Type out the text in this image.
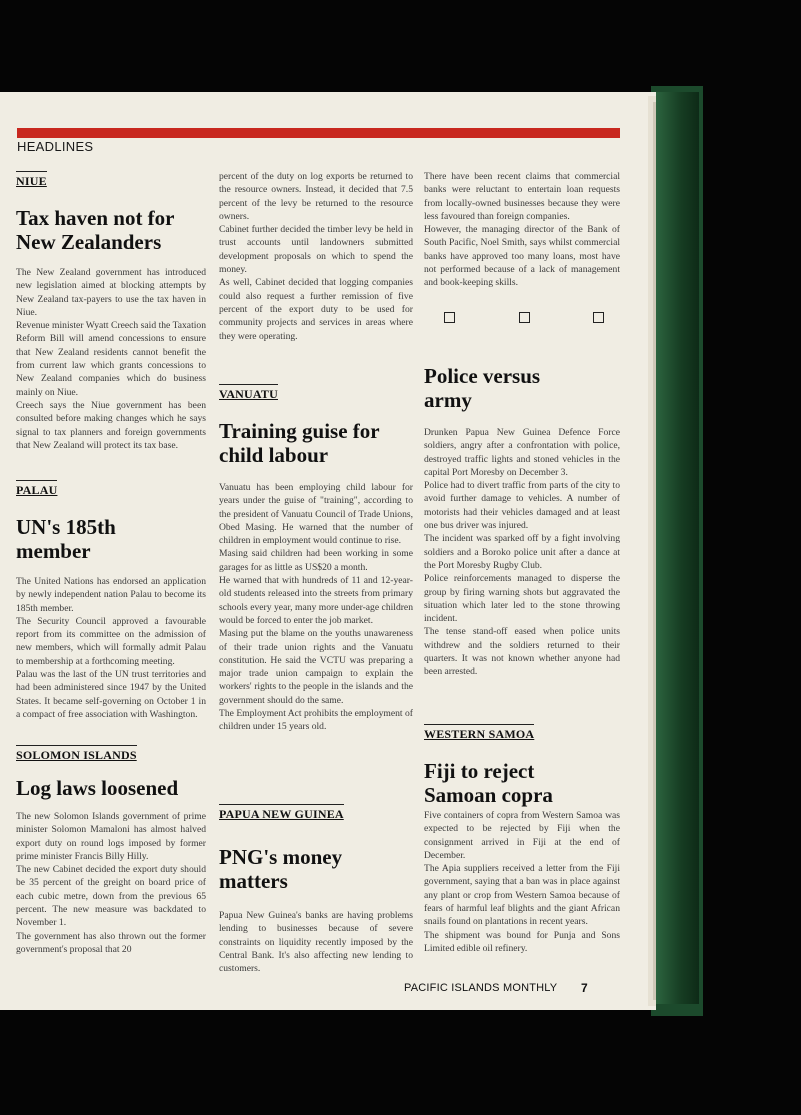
HEADLINES
NIUE
Tax haven not for New Zealanders

The New Zealand government has introduced new legislation aimed at blocking attempts by New Zealand tax-payers to use the tax haven in Niue.
Revenue minister Wyatt Creech said the Taxation Reform Bill will amend concessions to ensure that New Zealand residents cannot benefit the from current law which grants concessions to New Zealand companies which do business mainly on Niue.
Creech says the Niue government has been consulted before making changes which he says signal to tax planners and foreign governments that New Zealand will protect its tax base.

PALAU
UN's 185th member

The United Nations has endorsed an application by newly independent nation Palau to become its 185th member.
The Security Council approved a favourable report from its committee on the admission of new members, which will formally admit Palau to membership at a forthcoming meeting.
Palau was the last of the UN trust territories and had been administered since 1947 by the United States. It became self-governing on October 1 in a compact of free association with Washington.

SOLOMON ISLANDS
Log laws loosened

The new Solomon Islands government of prime minister Solomon Mamaloni has almost halved export duty on round logs imposed by former prime minister Francis Billy Hilly.
The new Cabinet decided the export duty should be 35 percent of the greight on board price of each cubic metre, down from the previous 65 percent. The new measure was backdated to November 1.
The government has also thrown out the former government's proposal that 20

percent of the duty on log exports be returned to the resource owners. Instead, it decided that 7.5 percent of the levy be returned to the resource owners.
Cabinet further decided the timber levy be held in trust accounts until landowners submitted development proposals on which to spend the money.
As well, Cabinet decided that logging companies could also request a further remission of five percent of the export duty to be used for community projects and services in areas where they were operating.

VANUATU
Training guise for child labour

Vanuatu has been employing child labour for years under the guise of "training", according to the president of Vanuatu Council of Trade Unions, Obed Masing. He warned that the number of children in employment would continue to rise.
Masing said children had been working in some garages for as little as US$20 a month.
He warned that with hundreds of 11 and 12-year-old students released into the streets from primary schools every year, many more under-age children would be forced to enter the job market.
Masing put the blame on the youths unawareness of their trade union rights and the Vanuatu constitution. He said the VCTU was preparing a major trade union campaign to explain the workers' rights to the people in the islands and the government should do the same.
The Employment Act prohibits the employment of children under 15 years old.

PAPUA NEW GUINEA
PNG's money matters

Papua New Guinea's banks are having problems lending to businesses because of severe constraints on liquidity recently imposed by the Central Bank. It's also affecting new lending to customers.

There have been recent claims that commercial banks were reluctant to entertain loan requests from locally-owned businesses because they were less favoured than foreign companies.
However, the managing director of the Bank of South Pacific, Noel Smith, says whilst commercial banks have approved too many loans, most have not performed because of a lack of management and book-keeping skills.

Police versus army

Drunken Papua New Guinea Defence Force soldiers, angry after a confrontation with police, destroyed traffic lights and stoned vehicles in the capital Port Moresby on December 3.
Police had to divert traffic from parts of the city to avoid further damage to vehicles. A number of motorists had their vehicles damaged and at least one bus driver was injured.
The incident was sparked off by a fight involving soldiers and a Boroko police unit after a dance at the Port Moresby Rugby Club.
Police reinforcements managed to disperse the group by firing warning shots but aggravated the situation which later led to the stone throwing incident.
The tense stand-off eased when police units withdrew and the soldiers returned to their quarters. It was not known whether anyone had been arrested.

WESTERN SAMOA
Fiji to reject Samoan copra

Five containers of copra from Western Samoa was expected to be rejected by Fiji when the consignment arrived in Fiji at the end of December.
The Apia suppliers received a letter from the Fiji government, saying that a ban was in place against any plant or crop from Western Samoa because of fears of harmful leaf blights and the giant African snails found on plantations in recent years.
The shipment was bound for Punja and Sons Limited edible oil refinery.

PACIFIC ISLANDS MONTHLY 7
